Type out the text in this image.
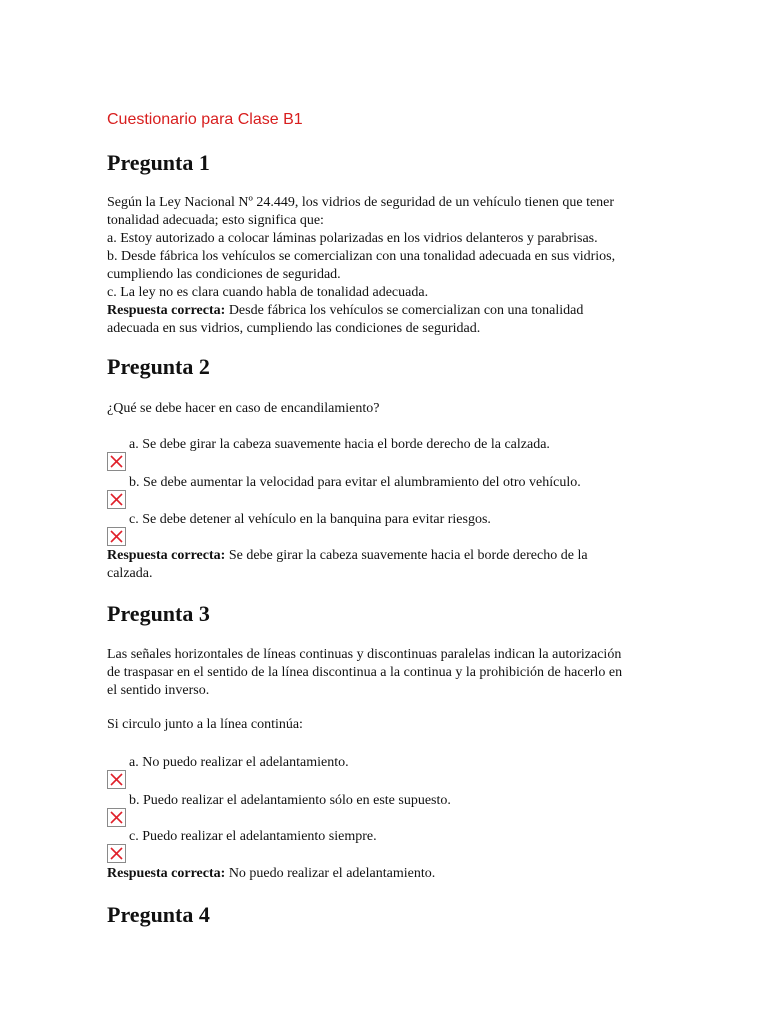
Cuestionario para Clase B1
Pregunta 1
Según la Ley Nacional Nº 24.449, los vidrios de seguridad de un vehículo tienen que tener
tonalidad adecuada; esto significa que:
a. Estoy autorizado a colocar láminas polarizadas en los vidrios delanteros y parabrisas.
b. Desde fábrica los vehículos se comercializan con una tonalidad adecuada en sus vidrios,
cumpliendo las condiciones de seguridad.
c. La ley no es clara cuando habla de tonalidad adecuada.
Respuesta correcta: Desde fábrica los vehículos se comercializan con una tonalidad
adecuada en sus vidrios, cumpliendo las condiciones de seguridad.
Pregunta 2
¿Qué se debe hacer en caso de encandilamiento?
a. Se debe girar la cabeza suavemente hacia el borde derecho de la calzada.
b. Se debe aumentar la velocidad para evitar el alumbramiento del otro vehículo.
c. Se debe detener al vehículo en la banquina para evitar riesgos.
Respuesta correcta: Se debe girar la cabeza suavemente hacia el borde derecho de la
calzada.
Pregunta 3
Las señales horizontales de líneas continuas y discontinuas paralelas indican la autorización
de traspasar en el sentido de la línea discontinua a la continua y la prohibición de hacerlo en
el sentido inverso.
Si circulo junto a la línea continúa:
a. No puedo realizar el adelantamiento.
b. Puedo realizar el adelantamiento sólo en este supuesto.
c. Puedo realizar el adelantamiento siempre.
Respuesta correcta: No puedo realizar el adelantamiento.
Pregunta 4
